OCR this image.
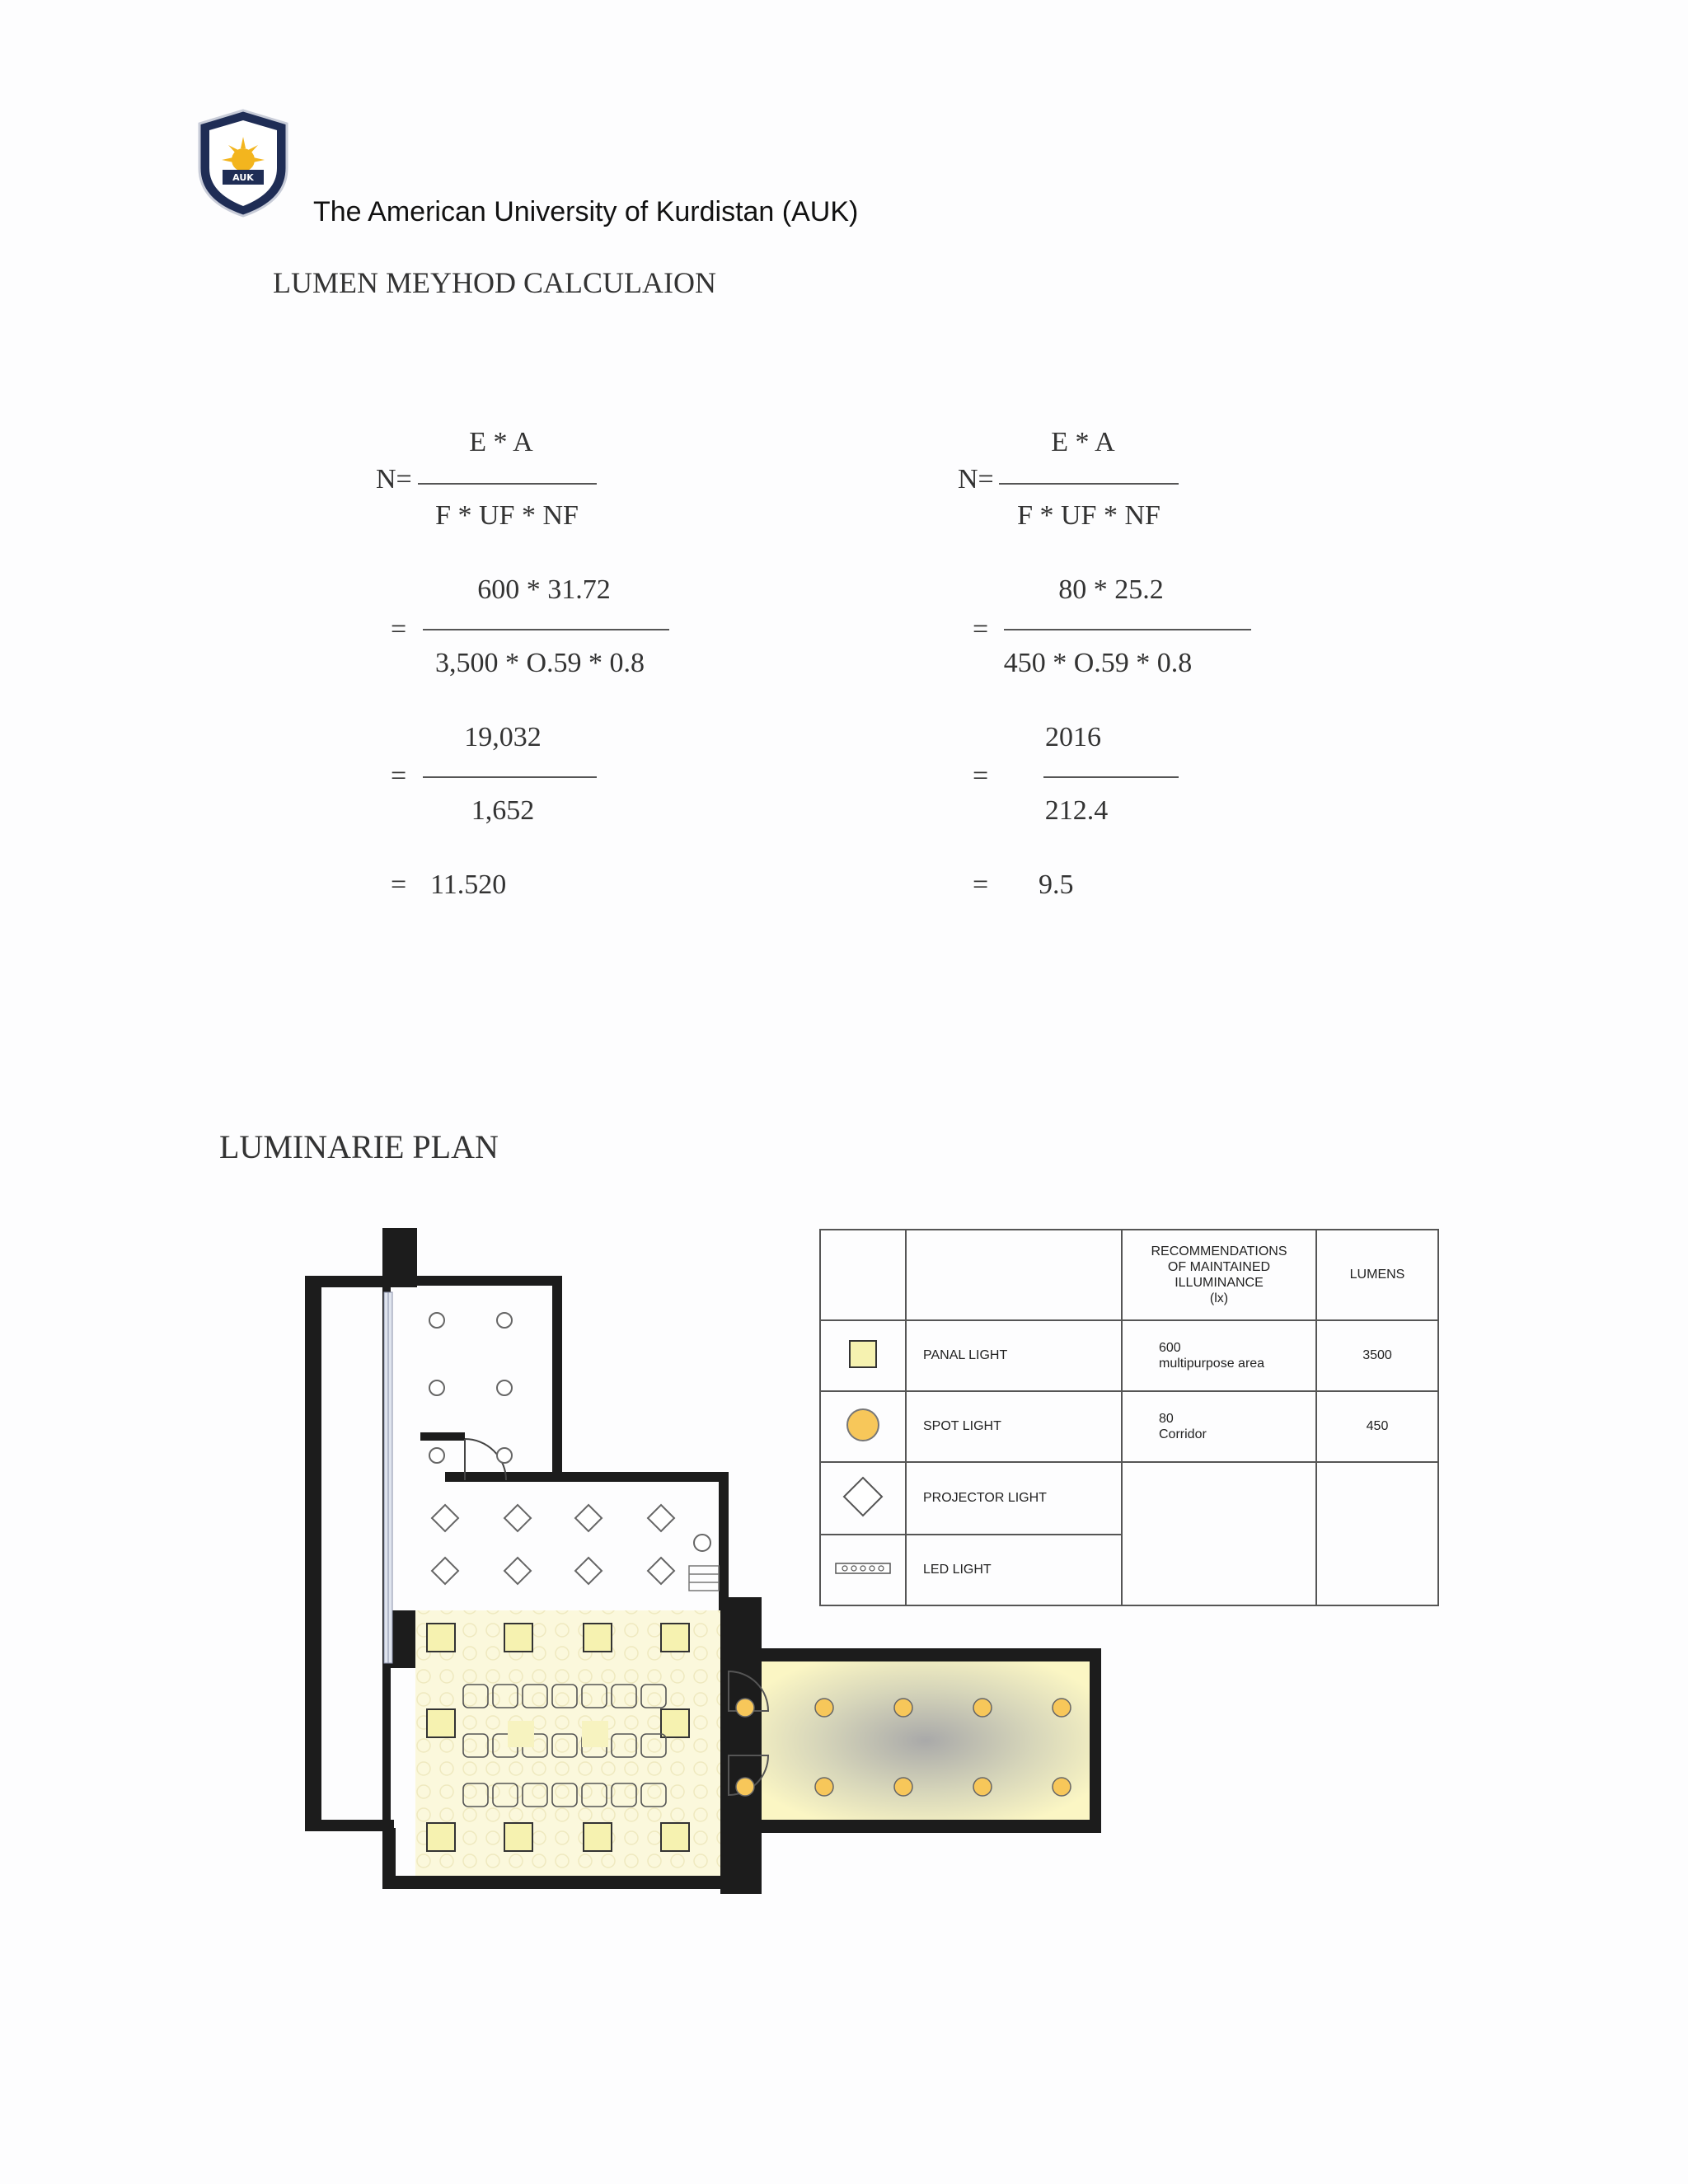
AUK
The American University of Kurdistan (AUK)
LUMEN MEYHOD CALCULAION
E * A
N=
F * UF * NF
=
600 * 31.72
3,500 * O.59 * 0.8
=
19,032
1,652
= 11.520
E * A
N=
F * UF * NF
=
80 * 25.2
450 * O.59 * 0.8
=
2016
212.4
= 9.5
LUMINARIE PLAN

		RECOMMENDATIONS
OF MAINTAINED
ILLUMINANCE
(lx)	LUMENS
	PANAL LIGHT	600
multipurpose area	3500
	SPOT LIGHT	80
Corridor	450
	PROJECTOR LIGHT		
	LED LIGHT		
